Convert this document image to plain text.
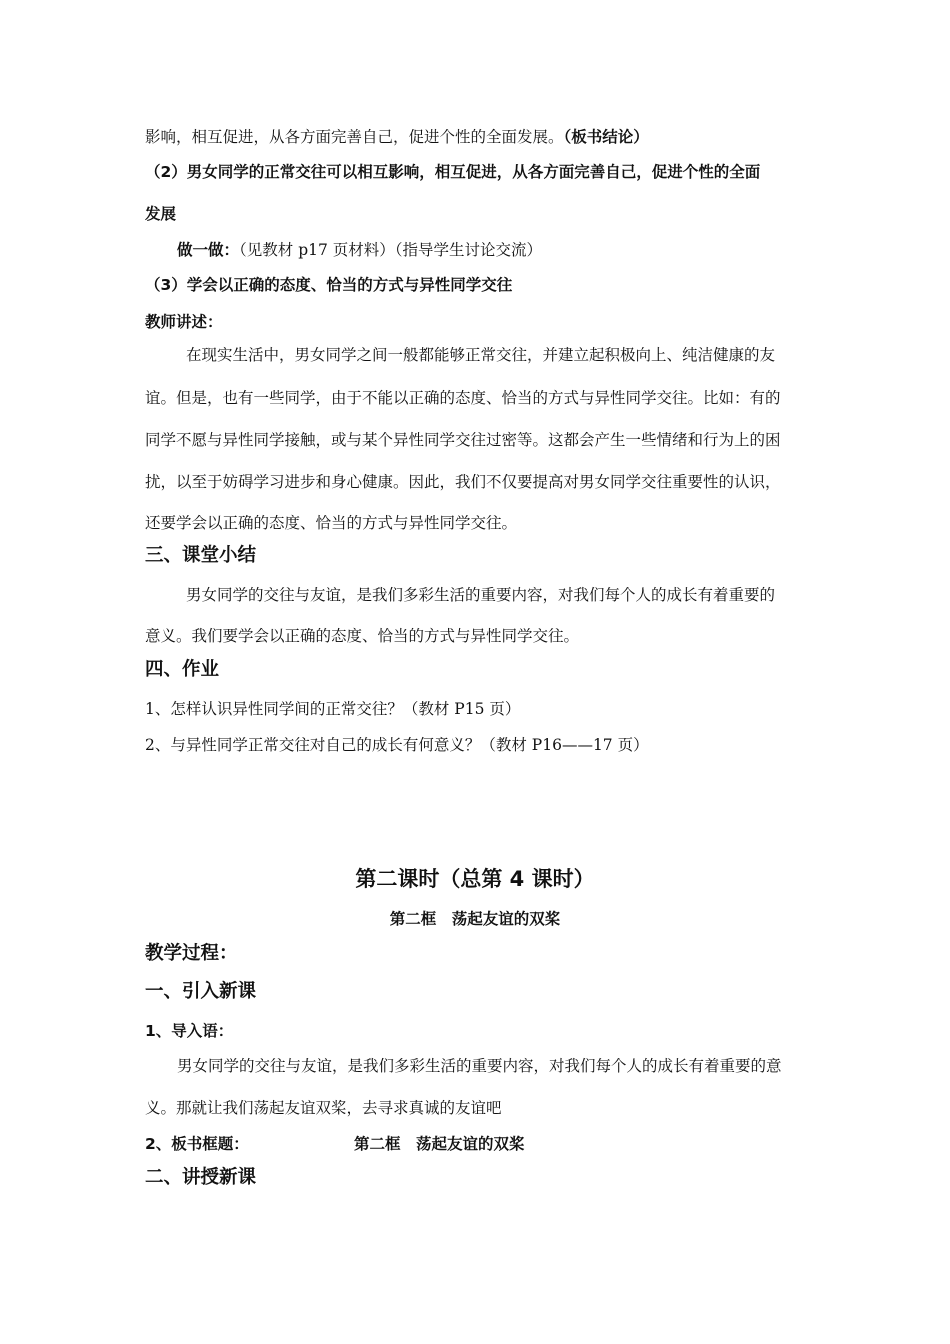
影响，相互促进，从各方面完善自己，促进个性的全面发展。（板书结论）
（2）男女同学的正常交往可以相互影响，相互促进，从各方面完善自己，促进个性的全面
发展
做一做：（见教材 p17 页材料）（指导学生讨论交流）
（3）学会以正确的态度、恰当的方式与异性同学交往
教师讲述：
在现实生活中，男女同学之间一般都能够正常交往，并建立起积极向上、纯洁健康的友
谊。但是，也有一些同学，由于不能以正确的态度、恰当的方式与异性同学交往。比如：有的
同学不愿与异性同学接触，或与某个异性同学交往过密等。这都会产生一些情绪和行为上的困
扰，以至于妨碍学习进步和身心健康。因此，我们不仅要提高对男女同学交往重要性的认识，
还要学会以正确的态度、恰当的方式与异性同学交往。
三、课堂小结
男女同学的交往与友谊，是我们多彩生活的重要内容，对我们每个人的成长有着重要的
意义。我们要学会以正确的态度、恰当的方式与异性同学交往。
四、作业
1、怎样认识异性同学间的正常交往？（教材 P15 页）
2、与异性同学正常交往对自己的成长有何意义？（教材 P16——17 页）
第二课时（总第 4 课时）
第二框　荡起友谊的双桨
教学过程：
一、引入新课
1、导入语：
男女同学的交往与友谊，是我们多彩生活的重要内容，对我们每个人的成长有着重要的意
义。那就让我们荡起友谊双桨，去寻求真诚的友谊吧
2、板书框题：	第二框　荡起友谊的双桨
二、讲授新课
